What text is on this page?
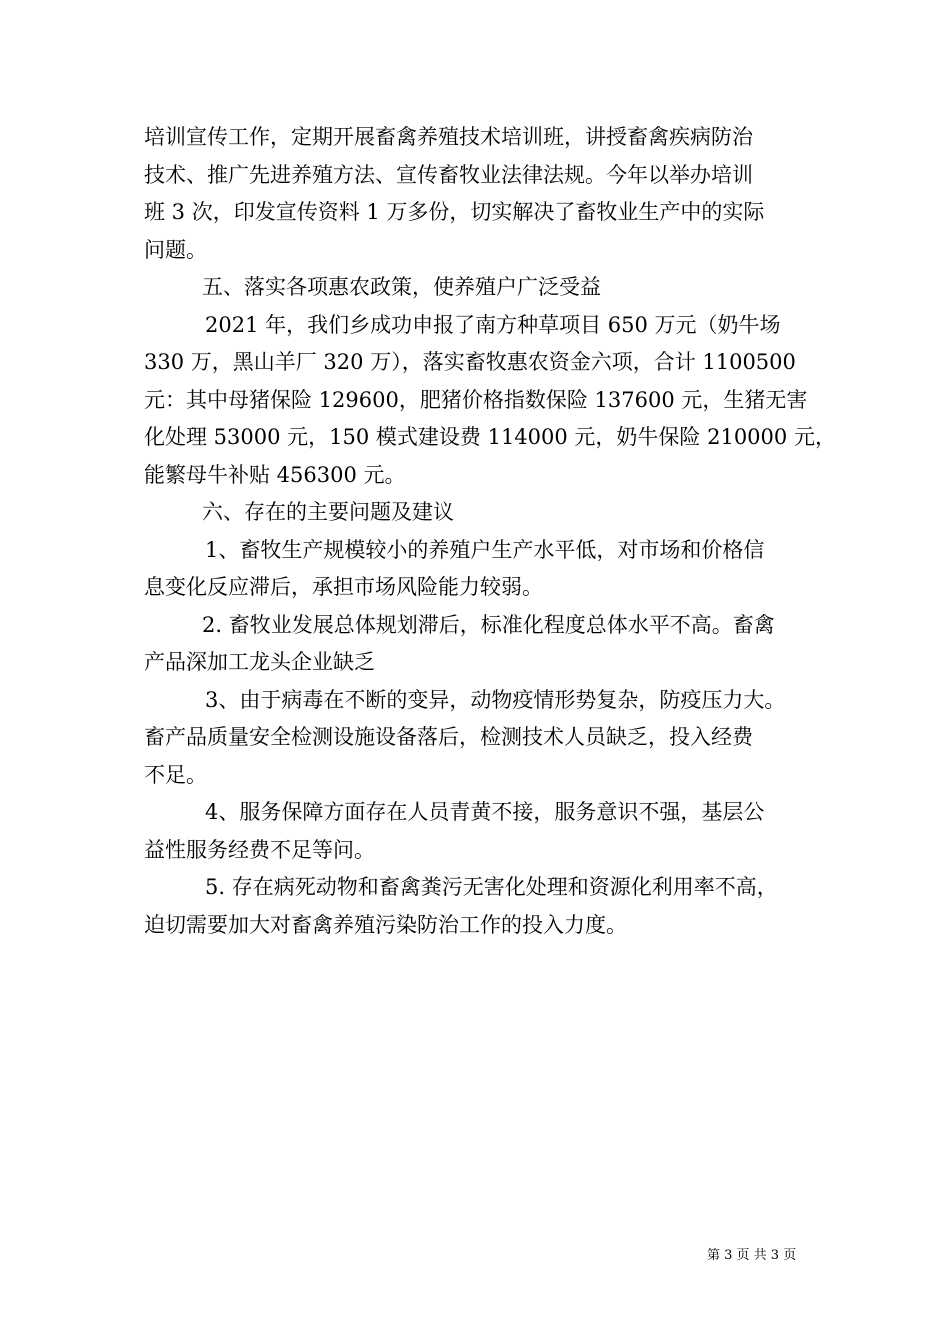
培训宣传工作，定期开展畜禽养殖技术培训班，讲授畜禽疾病防治
技术、推广先进养殖方法、宣传畜牧业法律法规。今年以举办培训
班 3 次，印发宣传资料 1 万多份，切实解决了畜牧业生产中的实际
问题。
五、落实各项惠农政策，使养殖户广泛受益
2021 年，我们乡成功申报了南方种草项目 650 万元（奶牛场
330 万，黑山羊厂 320 万），落实畜牧惠农资金六项，合计 1100500
元：其中母猪保险 129600，肥猪价格指数保险 137600 元，生猪无害
化处理 53000 元，150 模式建设费 114000 元，奶牛保险 210000 元，
能繁母牛补贴 456300 元。
六、存在的主要问题及建议
1、畜牧生产规模较小的养殖户生产水平低，对市场和价格信
息变化反应滞后，承担市场风险能力较弱。
2. 畜牧业发展总体规划滞后，标准化程度总体水平不高。畜禽
产品深加工龙头企业缺乏
3、由于病毒在不断的变异，动物疫情形势复杂，防疫压力大。
畜产品质量安全检测设施设备落后，检测技术人员缺乏，投入经费
不足。
4、服务保障方面存在人员青黄不接，服务意识不强，基层公
益性服务经费不足等问。
5. 存在病死动物和畜禽粪污无害化处理和资源化利用率不高，
迫切需要加大对畜禽养殖污染防治工作的投入力度。
第 3 页 共 3 页
